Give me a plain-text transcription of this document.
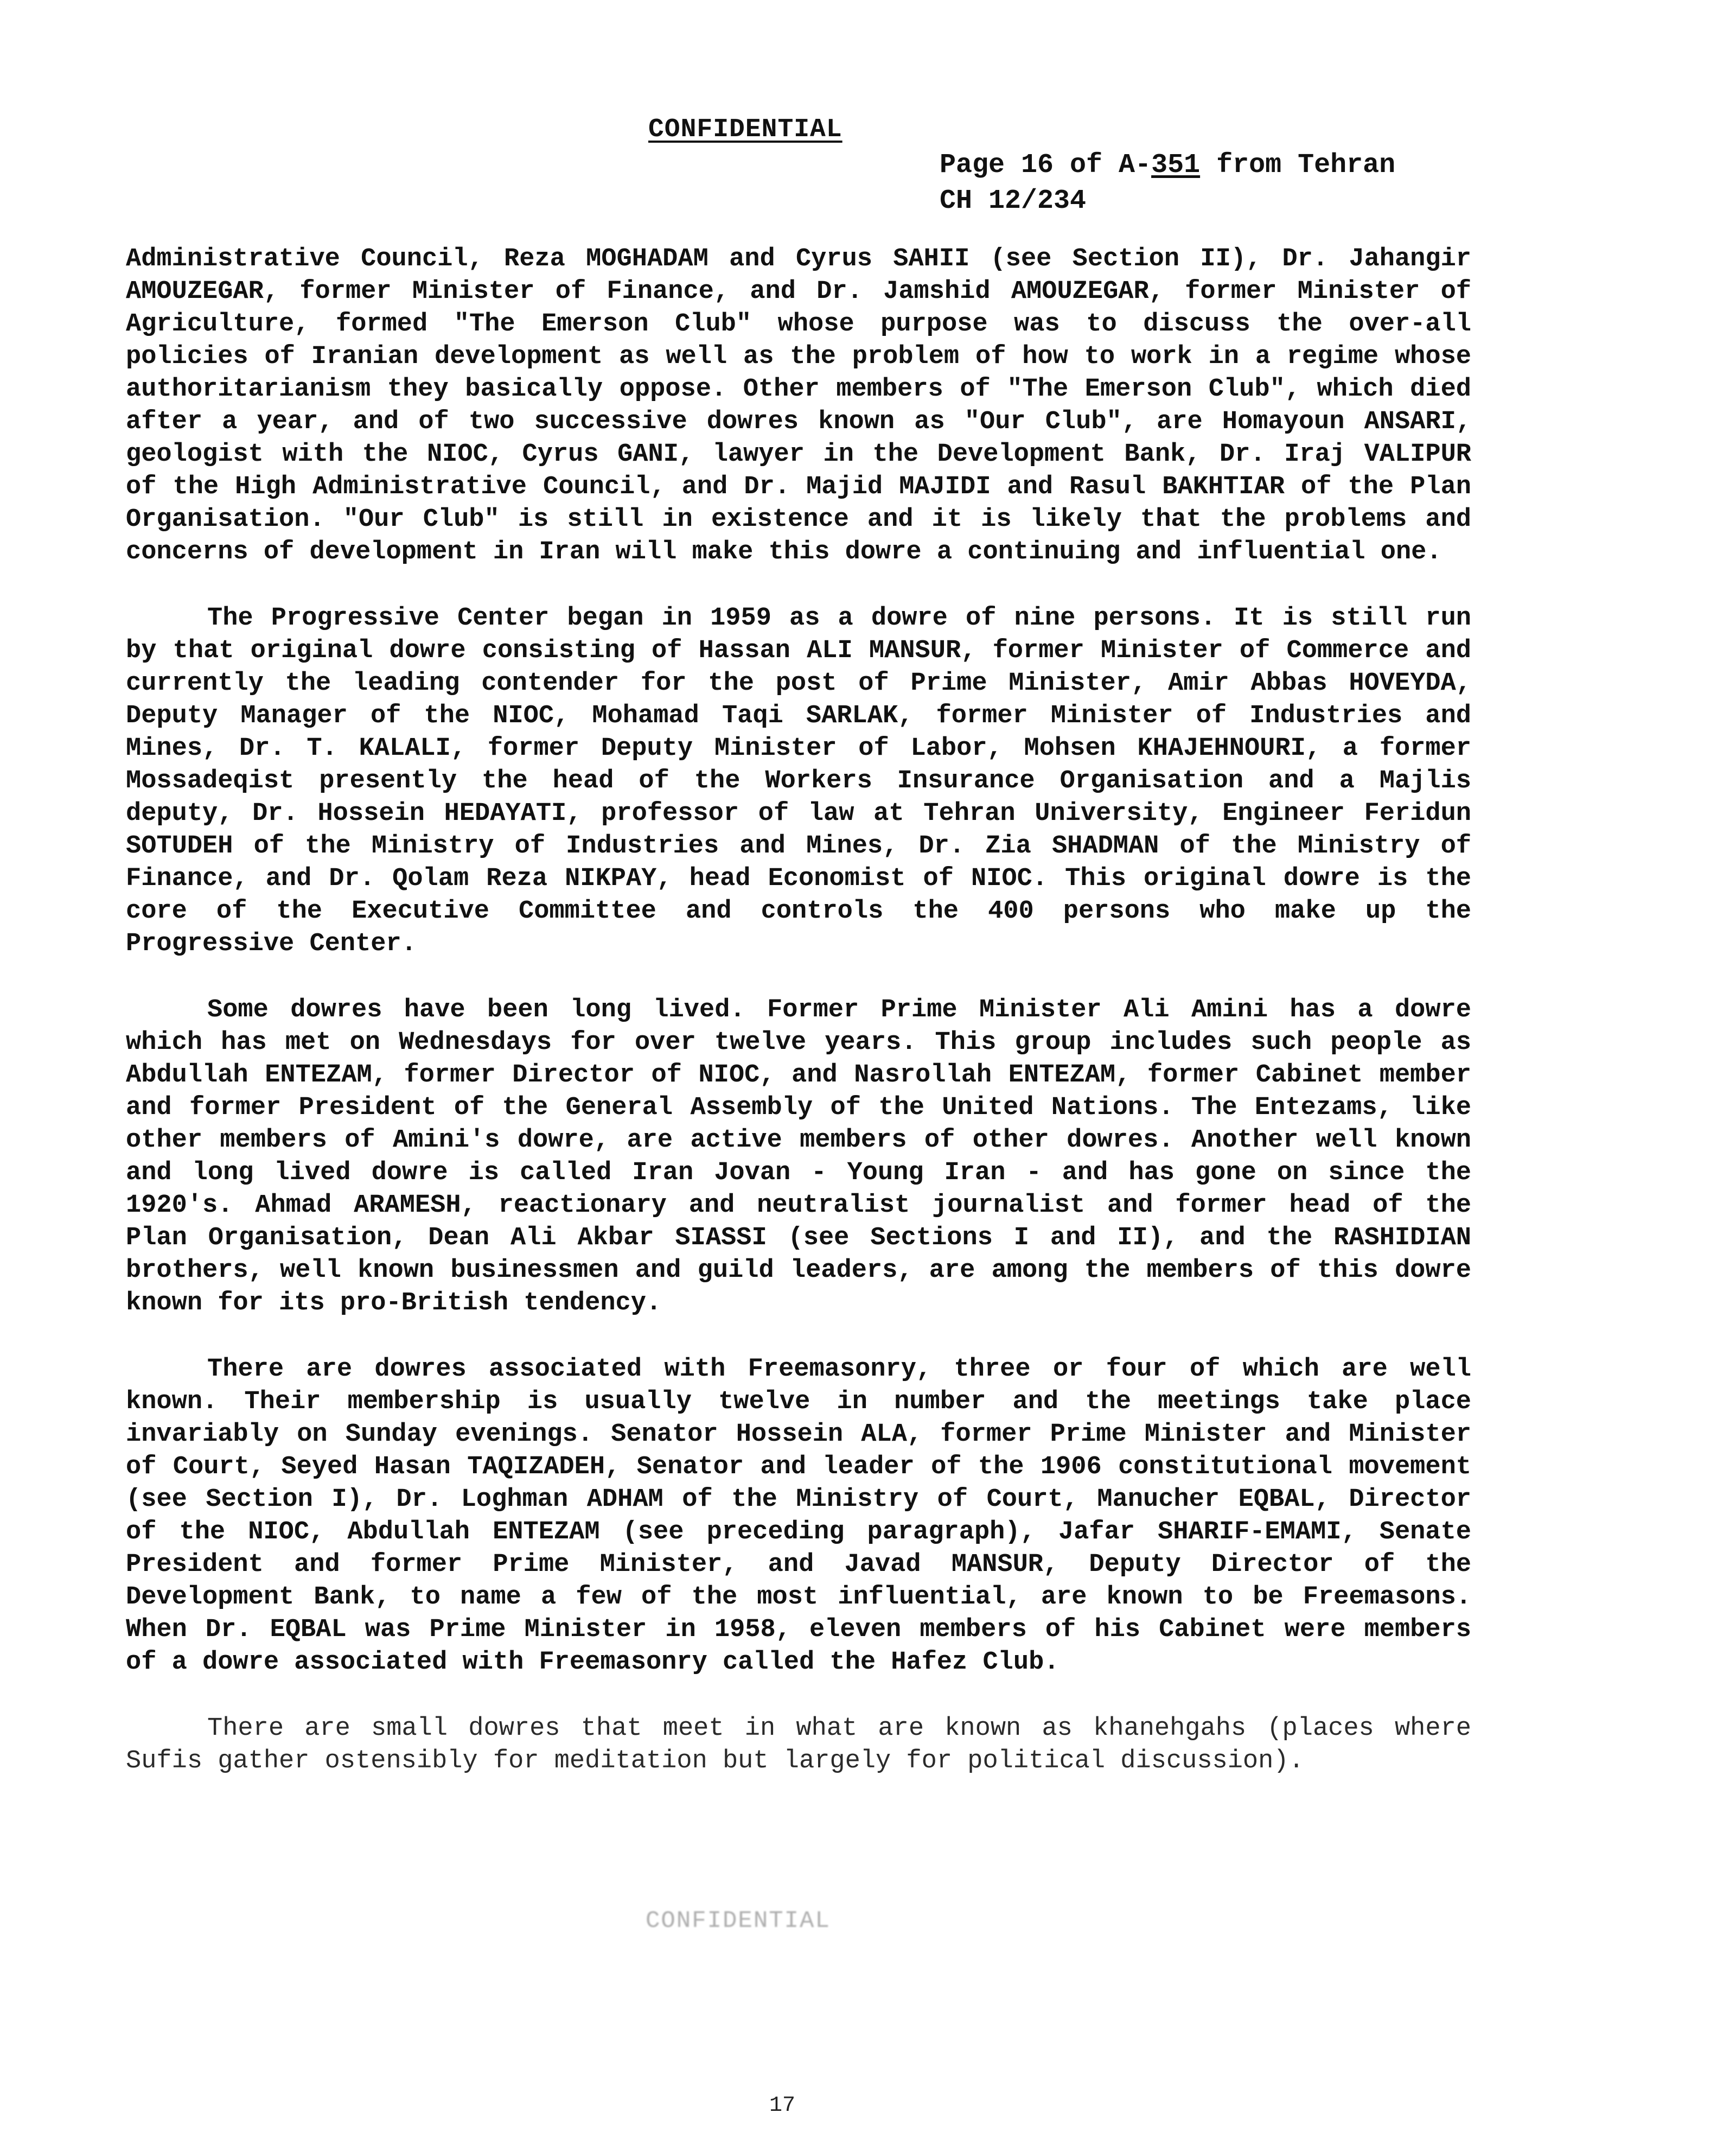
CONFIDENTIAL
Page 16 of A-351 from Tehran
CH 12/234

Administrative Council, Reza MOGHADAM and Cyrus SAHII (see Section II), Dr. Jahangir AMOUZEGAR, former Minister of Finance, and Dr. Jamshid AMOUZEGAR, former Minister of Agriculture, formed "The Emerson Club" whose purpose was to discuss the over-all policies of Iranian development as well as the problem of how to work in a regime whose authoritarianism they basically oppose. Other members of "The Emerson Club", which died after a year, and of two successive dowres known as "Our Club", are Homayoun ANSARI, geologist with the NIOC, Cyrus GANI, lawyer in the Development Bank, Dr. Iraj VALIPUR of the High Administrative Council, and Dr. Majid MAJIDI and Rasul BAKHTIAR of the Plan Organisation. "Our Club" is still in existence and it is likely that the problems and concerns of development in Iran will make this dowre a continuing and influential one.

The Progressive Center began in 1959 as a dowre of nine persons. It is still run by that original dowre consisting of Hassan ALI MANSUR, former Minister of Commerce and currently the leading contender for the post of Prime Minister, Amir Abbas HOVEYDA, Deputy Manager of the NIOC, Mohamad Taqi SARLAK, former Minister of Industries and Mines, Dr. T. KALALI, former Deputy Minister of Labor, Mohsen KHAJEHNOURI, a former Mossadeqist presently the head of the Workers Insurance Organisation and a Majlis deputy, Dr. Hossein HEDAYATI, professor of law at Tehran University, Engineer Feridun SOTUDEH of the Ministry of Industries and Mines, Dr. Zia SHADMAN of the Ministry of Finance, and Dr. Qolam Reza NIKPAY, head Economist of NIOC. This original dowre is the core of the Executive Committee and controls the 400 persons who make up the Progressive Center.

Some dowres have been long lived. Former Prime Minister Ali Amini has a dowre which has met on Wednesdays for over twelve years. This group includes such people as Abdullah ENTEZAM, former Director of NIOC, and Nasrollah ENTEZAM, former Cabinet member and former President of the General Assembly of the United Nations. The Entezams, like other members of Amini's dowre, are active members of other dowres. Another well known and long lived dowre is called Iran Jovan - Young Iran - and has gone on since the 1920's. Ahmad ARAMESH, reactionary and neutralist journalist and former head of the Plan Organisation, Dean Ali Akbar SIASSI (see Sections I and II), and the RASHIDIAN brothers, well known businessmen and guild leaders, are among the members of this dowre known for its pro-British tendency.

There are dowres associated with Freemasonry, three or four of which are well known. Their membership is usually twelve in number and the meetings take place invariably on Sunday evenings. Senator Hossein ALA, former Prime Minister and Minister of Court, Seyed Hasan TAQIZADEH, Senator and leader of the 1906 constitutional movement (see Section I), Dr. Loghman ADHAM of the Ministry of Court, Manucher EQBAL, Director of the NIOC, Abdullah ENTEZAM (see preceding paragraph), Jafar SHARIF-EMAMI, Senate President and former Prime Minister, and Javad MANSUR, Deputy Director of the Development Bank, to name a few of the most influential, are known to be Freemasons. When Dr. EQBAL was Prime Minister in 1958, eleven members of his Cabinet were members of a dowre associated with Freemasonry called the Hafez Club.

There are small dowres that meet in what are known as khanehgahs (places where Sufis gather ostensibly for meditation but largely for political discussion).

CONFIDENTIAL
17
